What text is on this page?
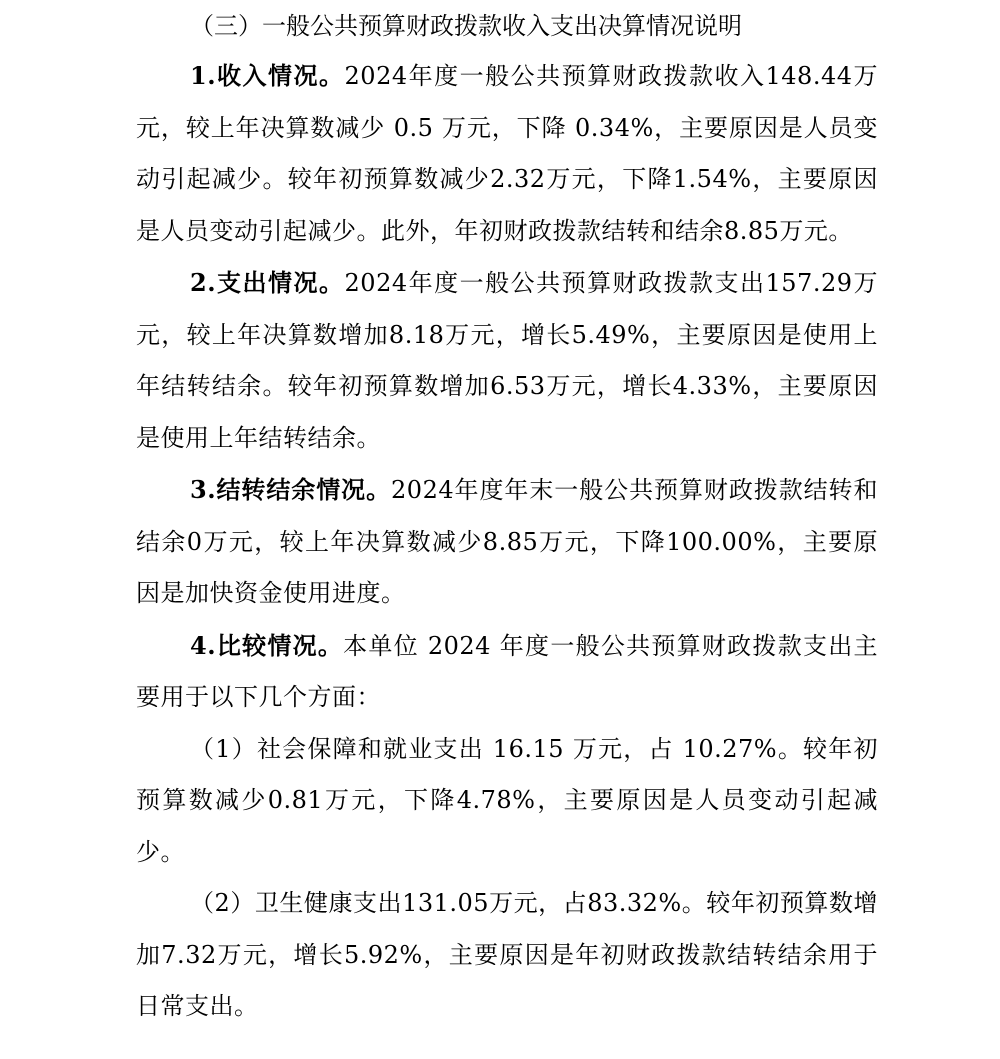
（三）一般公共预算财政拨款收入支出决算情况说明

1.收入情况。2024年度一般公共预算财政拨款收入148.44万元，较上年决算数减少 0.5 万元，下降 0.34%，主要原因是人员变动引起减少。较年初预算数减少2.32万元，下降1.54%，主要原因是人员变动引起减少。此外，年初财政拨款结转和结余8.85万元。

2.支出情况。2024年度一般公共预算财政拨款支出157.29万元，较上年决算数增加8.18万元，增长5.49%，主要原因是使用上年结转结余。较年初预算数增加6.53万元，增长4.33%，主要原因是使用上年结转结余。

3.结转结余情况。2024年度年末一般公共预算财政拨款结转和结余0万元，较上年决算数减少8.85万元，下降100.00%，主要原因是加快资金使用进度。

4.比较情况。本单位 2024 年度一般公共预算财政拨款支出主要用于以下几个方面：

（1）社会保障和就业支出 16.15 万元，占 10.27%。较年初预算数减少0.81万元，下降4.78%，主要原因是人员变动引起减少。

（2）卫生健康支出131.05万元，占83.32%。较年初预算数增加7.32万元，增长5.92%，主要原因是年初财政拨款结转结余用于日常支出。
